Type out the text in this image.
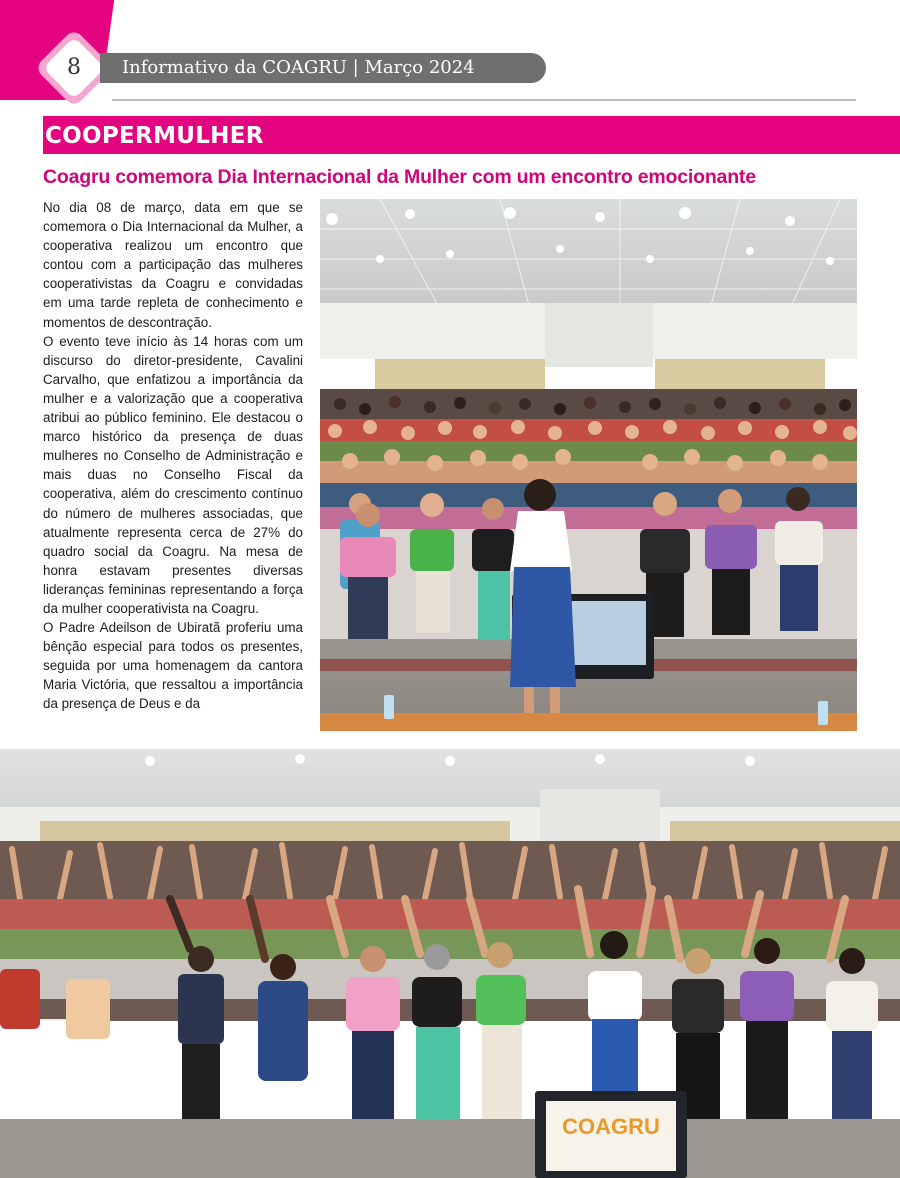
8	Informativo da COAGRU | Março 2024
COOPERMULHER
Coagru comemora Dia Internacional da Mulher com um encontro emocionante

No dia 08 de março, data em que se comemora o Dia Internacional da Mulher, a cooperativa realizou um encontro que contou com a participação das mulheres cooperativistas da Coagru e convidadas em uma tarde repleta de conhecimento e momentos de descontração.

O evento teve início às 14 horas com um discurso do diretor-presidente, Cavalini Carvalho, que enfatizou a importância da mulher e a valorização que a cooperativa atribui ao público feminino. Ele destacou o marco histórico da presença de duas mulheres no Conselho de Administração e mais duas no Conselho Fiscal da cooperativa, além do crescimento contínuo do número de mulheres associadas, que atualmente representa cerca de 27% do quadro social da Coagru. Na mesa de honra estavam presentes diversas lideranças femininas representando a força da mulher cooperativista na Coagru.

O Padre Adeilson de Ubiratã proferiu uma bênção especial para todos os presentes, seguida por uma homenagem da cantora Maria Victória, que ressaltou a importância da presença de Deus e da

COAGRU
